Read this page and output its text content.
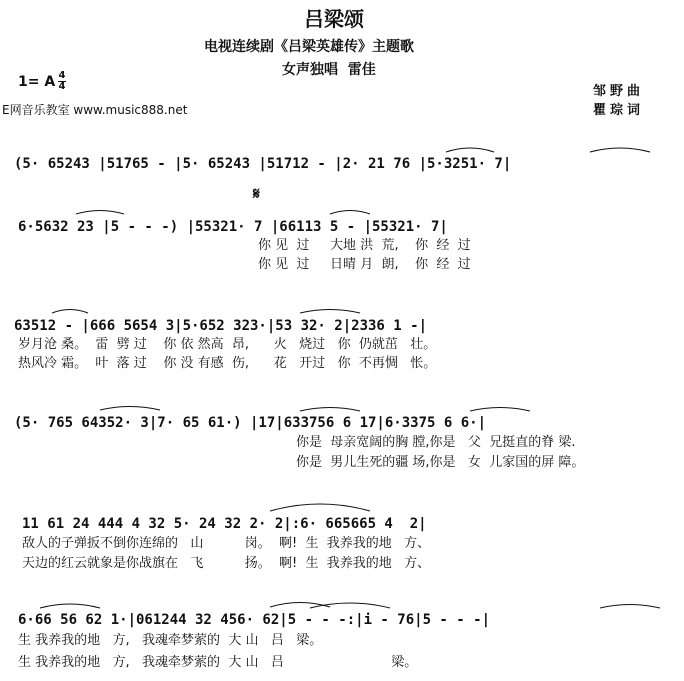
吕梁颂
电视连续剧《吕梁英雄传》主题歌
女声独唱  雷佳
1= A 4
4
E网音乐教室 www.music888.net
邹野曲
瞿琮词
(5· 65243 |51765 - |5· 65243 |51712 - |2· 21 76 |5·3251· 7|
𝄋
6·5632 23 |5 - - -) |55321· 7 |66113 5 - |55321· 7|
你 见  过     大地 洪  荒,    你  经  过
你 见  过     日晴 月  朗,    你  经  过
63512 - |666 5654 3|5·652 323·|53 32· 2|2336 1 -|
岁月沧 桑。  雷  劈 过    你 依 然高  昂,      火   烧过   你  仍就茁   壮。
热风冷 霜。  叶  落 过    你 没 有感  伤,      花   开过   你  不再惆   怅。
(5· 765 64352· 3|7· 65 61·) |17|633756 6 17|6·3375 6 6·|
你是  母亲宽阔的胸 膛,你是   父  兄挺直的脊 梁.
你是  男儿生死的疆 场,你是   女  儿家国的屏 障。
11 61 24 444 4 32 5· 24 32 2· 2|:6· 665665 4  2|
敌人的子弹扳不倒你连绵的   山          岗。  啊!  生  我养我的地   方、
天边的红云就象是你战旗在   飞          扬。  啊!  生  我养我的地   方、
6·66 56 62 1·|061244 32 456· 62|5 - - -:|i - 76|5 - - -|
生 我养我的地   方,   我魂牵梦萦的  大 山   吕   梁。
生 我养我的地   方,   我魂牵梦萦的  大 山   吕                          梁。
